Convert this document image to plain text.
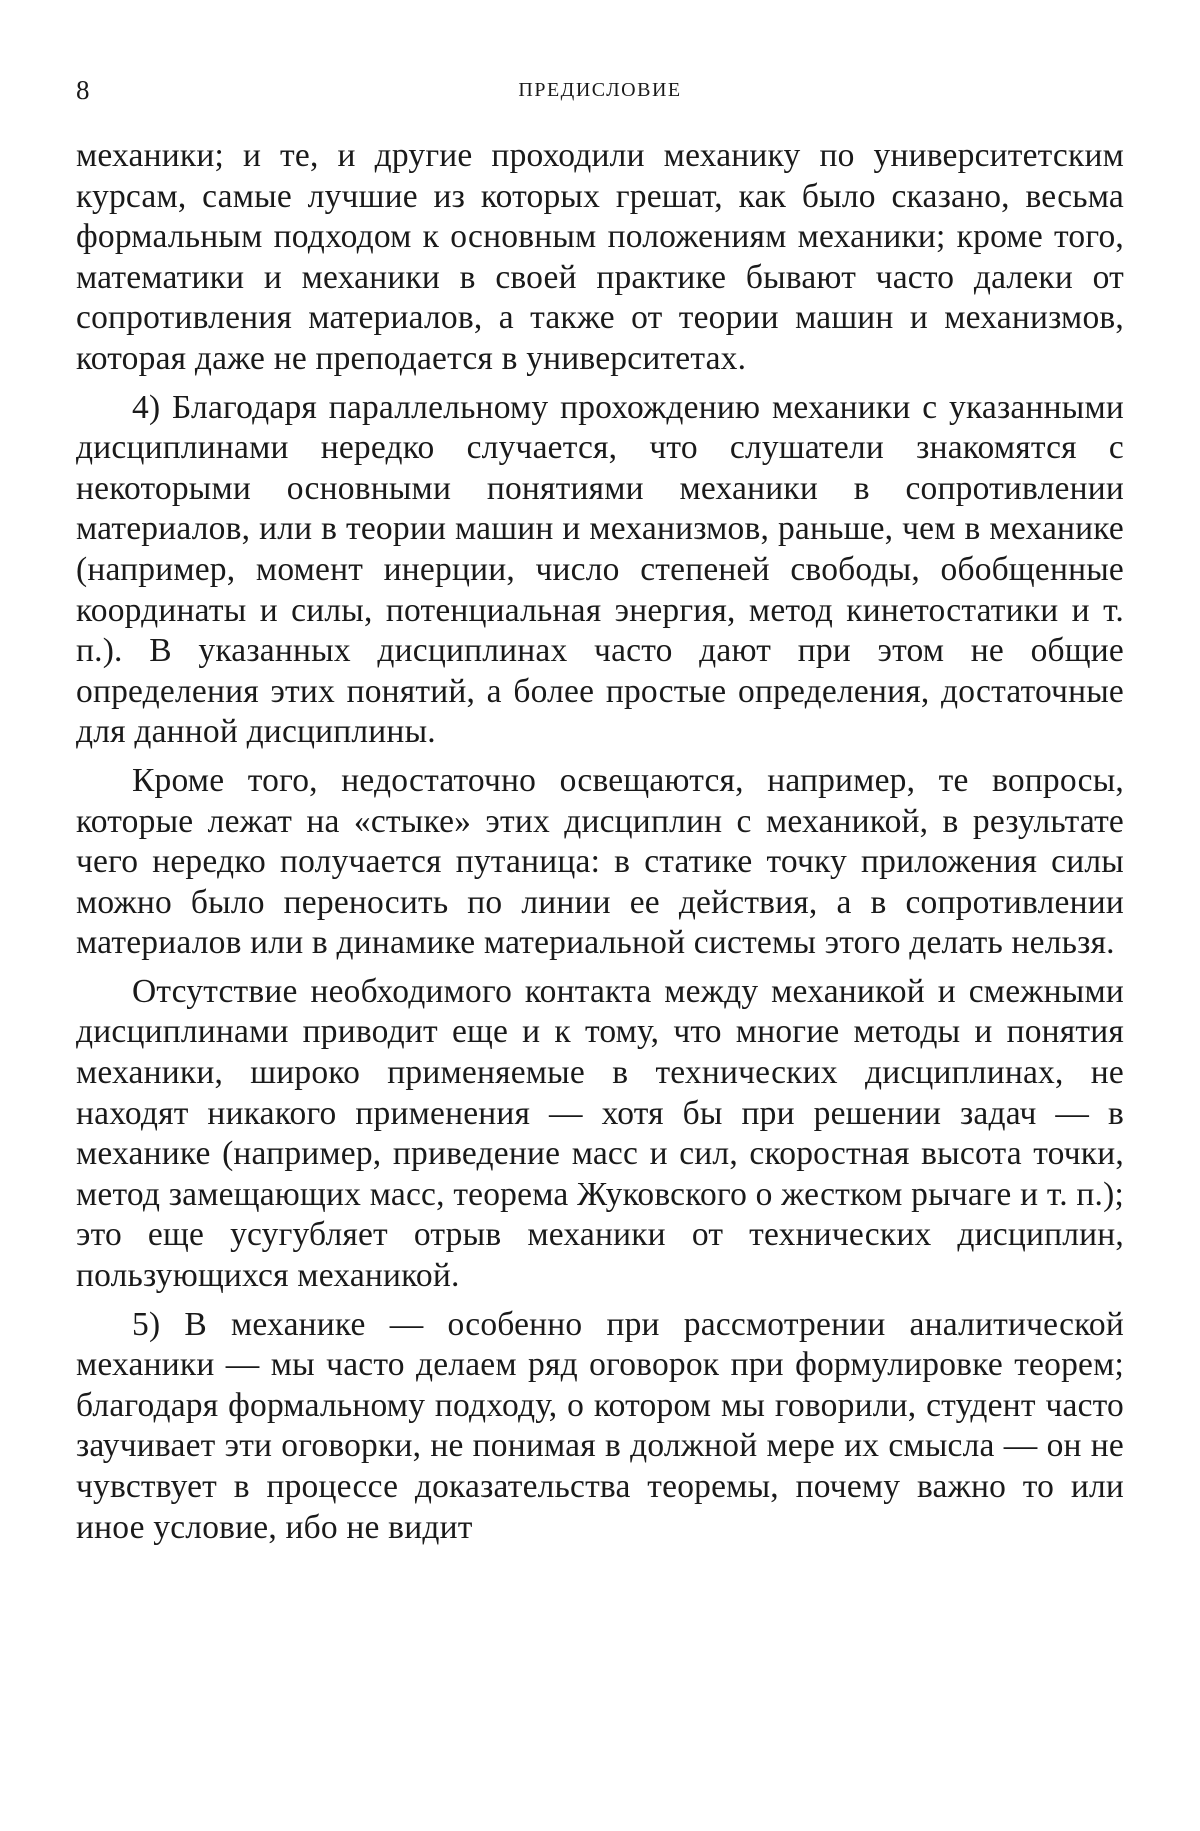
8	ПРЕДИСЛОВИЕ

механики; и те, и другие проходили механику по университетским курсам, самые лучшие из которых грешат, как было сказано, весьма формальным подходом к основным положениям механики; кроме того, математики и механики в своей практике бывают часто далеки от сопротивления материалов, а также от теории машин и механизмов, которая даже не преподается в университетах.

4) Благодаря параллельному прохождению механики с указанными дисциплинами нередко случается, что слушатели знакомятся с некоторыми основными понятиями механики в сопротивлении материалов, или в теории машин и механизмов, раньше, чем в механике (например, момент инерции, число степеней свободы, обобщенные координаты и силы, потенциальная энергия, метод кинетостатики и т. п.). В указанных дисциплинах часто дают при этом не общие определения этих понятий, а более простые определения, достаточные для данной дисциплины.

Кроме того, недостаточно освещаются, например, те вопросы, которые лежат на «стыке» этих дисциплин с механикой, в результате чего нередко получается путаница: в статике точку приложения силы можно было переносить по линии ее действия, а в сопротивлении материалов или в динамике материальной системы этого делать нельзя.

Отсутствие необходимого контакта между механикой и смежными дисциплинами приводит еще и к тому, что многие методы и понятия механики, широко применяемые в технических дисциплинах, не находят никакого применения — хотя бы при решении задач — в механике (например, приведение масс и сил, скоростная высота точки, метод замещающих масс, теорема Жуковского о жестком рычаге и т. п.); это еще усугубляет отрыв механики от технических дисциплин, пользующихся механикой.

5) В механике — особенно при рассмотрении аналитической механики — мы часто делаем ряд оговорок при формулировке теорем; благодаря формальному подходу, о котором мы говорили, студент часто заучивает эти оговорки, не понимая в должной мере их смысла — он не чувствует в процессе доказательства теоремы, почему важно то или иное условие, ибо не видит
